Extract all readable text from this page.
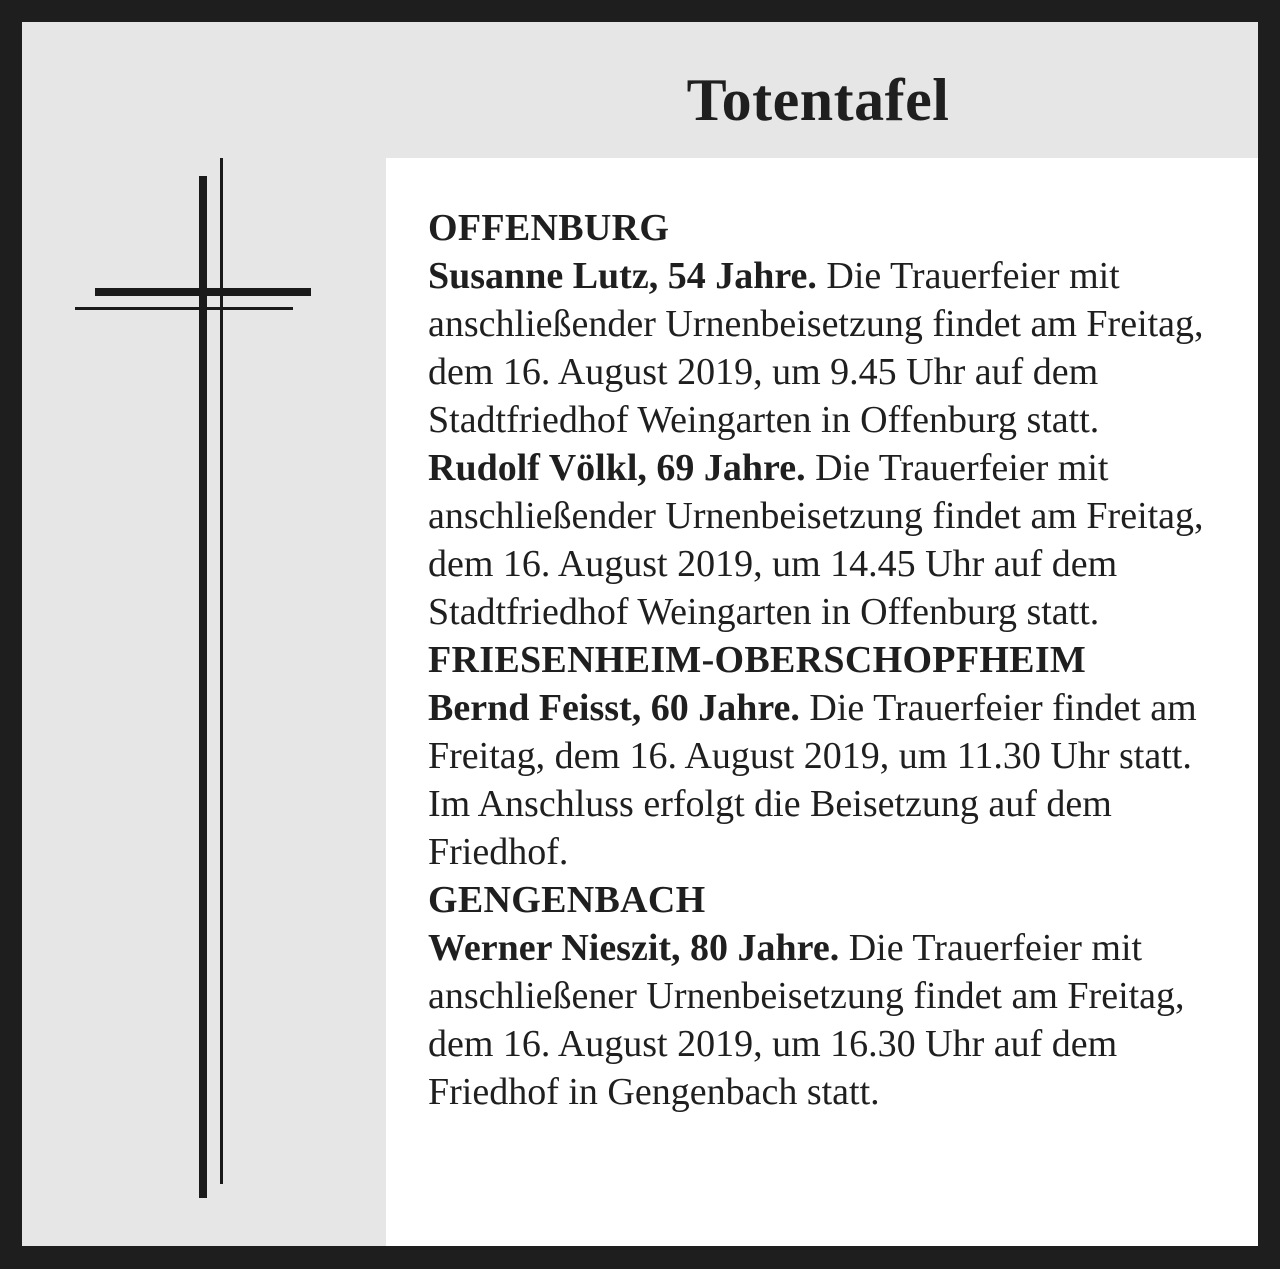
Totentafel

OFFENBURG

Susanne Lutz, 54 Jahre. Die Trauerfeier mit anschließender Urnenbeisetzung findet am Freitag, dem 16. August 2019, um 9.45 Uhr auf dem Stadtfriedhof Weingarten in Offenburg statt.

Rudolf Völkl, 69 Jahre. Die Trauerfeier mit anschließender Urnenbeisetzung findet am Freitag, dem 16. August 2019, um 14.45 Uhr auf dem Stadtfriedhof Weingarten in Offenburg statt.

FRIESENHEIM-OBERSCHOPFHEIM

Bernd Feisst, 60 Jahre. Die Trauerfeier findet am Freitag, dem 16. August 2019, um 11.30 Uhr statt. Im Anschluss erfolgt die Beisetzung auf dem Friedhof.

GENGENBACH

Werner Nieszit, 80 Jahre. Die Trauerfeier mit anschließener Urnenbeisetzung findet am Freitag, dem 16. August 2019, um 16.30 Uhr auf dem Friedhof in Gengenbach statt.
